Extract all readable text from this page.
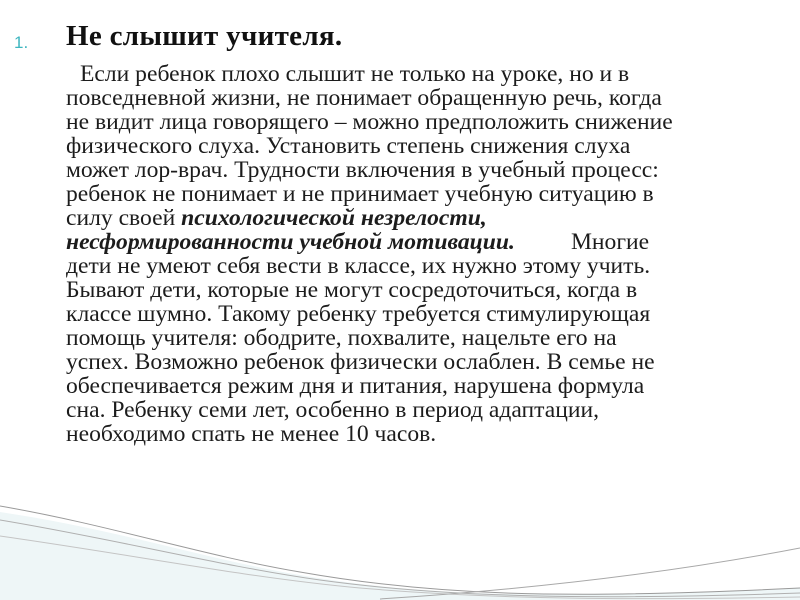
1. Не слышит учителя.

Если ребенок плохо слышит не только на уроке, но и в
повседневной жизни, не понимает обращенную речь, когда
не видит лица говорящего – можно предположить снижение
физического слуха. Установить степень снижения слуха
может лор-врач. Трудности включения в учебный процесс:
ребенок не понимает и не принимает учебную ситуацию в
силу своей психологической незрелости,
несформированности учебной мотивации. Многие
дети не умеют себя вести в классе, их нужно этому учить.
Бывают дети, которые не могут сосредоточиться, когда в
классе шумно. Такому ребенку требуется стимулирующая
помощь учителя: ободрите, похвалите, нацельте его на
успех. Возможно ребенок физически ослаблен. В семье не
обеспечивается режим дня и питания, нарушена формула
сна. Ребенку семи лет, особенно в период адаптации,
необходимо спать не менее 10 часов.
